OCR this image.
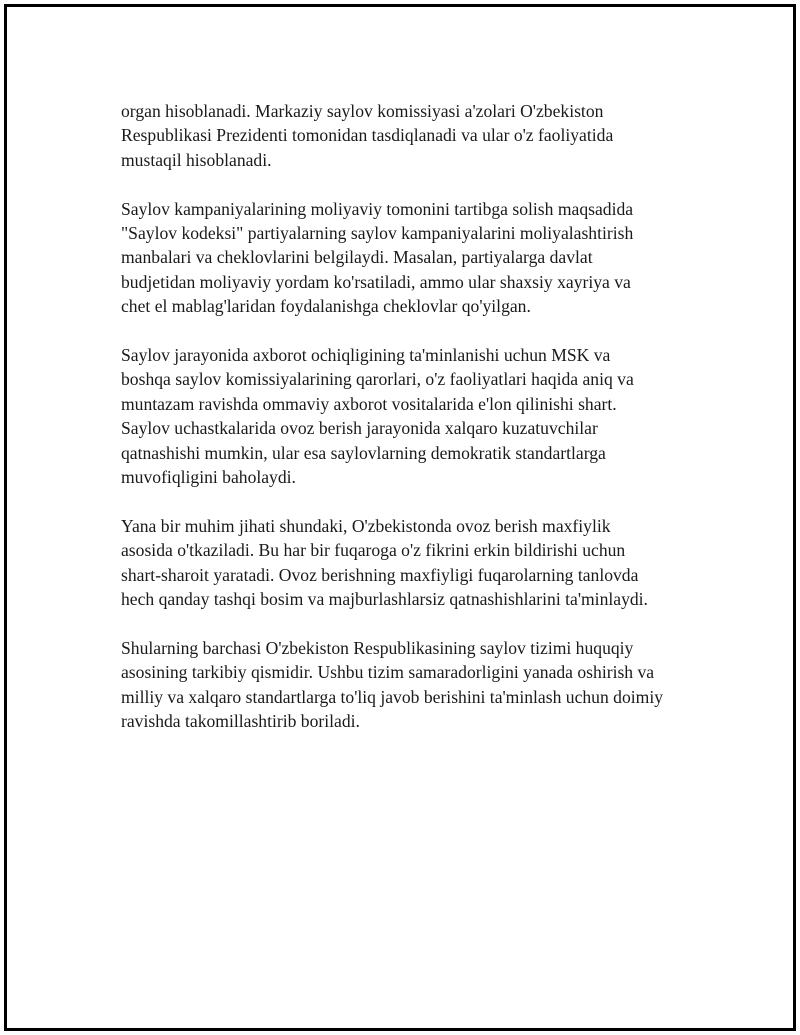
organ hisoblanadi. Markaziy saylov komissiyasi a'zolari O'zbekiston
Respublikasi Prezidenti tomonidan tasdiqlanadi va ular o'z faoliyatida
mustaqil hisoblanadi.

Saylov kampaniyalarining moliyaviy tomonini tartibga solish maqsadida
"Saylov kodeksi" partiyalarning saylov kampaniyalarini moliyalashtirish
manbalari va cheklovlarini belgilaydi. Masalan, partiyalarga davlat
budjetidan moliyaviy yordam ko'rsatiladi, ammo ular shaxsiy xayriya va
chet el mablag'laridan foydalanishga cheklovlar qo'yilgan.

Saylov jarayonida axborot ochiqligining ta'minlanishi uchun MSK va
boshqa saylov komissiyalarining qarorlari, o'z faoliyatlari haqida aniq va
muntazam ravishda ommaviy axborot vositalarida e'lon qilinishi shart.
Saylov uchastkalarida ovoz berish jarayonida xalqaro kuzatuvchilar
qatnashishi mumkin, ular esa saylovlarning demokratik standartlarga
muvofiqligini baholaydi.

Yana bir muhim jihati shundaki, O'zbekistonda ovoz berish maxfiylik
asosida o'tkaziladi. Bu har bir fuqaroga o'z fikrini erkin bildirishi uchun
shart-sharoit yaratadi. Ovoz berishning maxfiyligi fuqarolarning tanlovda
hech qanday tashqi bosim va majburlashlarsiz qatnashishlarini ta'minlaydi.

Shularning barchasi O'zbekiston Respublikasining saylov tizimi huquqiy
asosining tarkibiy qismidir. Ushbu tizim samaradorligini yanada oshirish va
milliy va xalqaro standartlarga to'liq javob berishini ta'minlash uchun doimiy
ravishda takomillashtirib boriladi.
